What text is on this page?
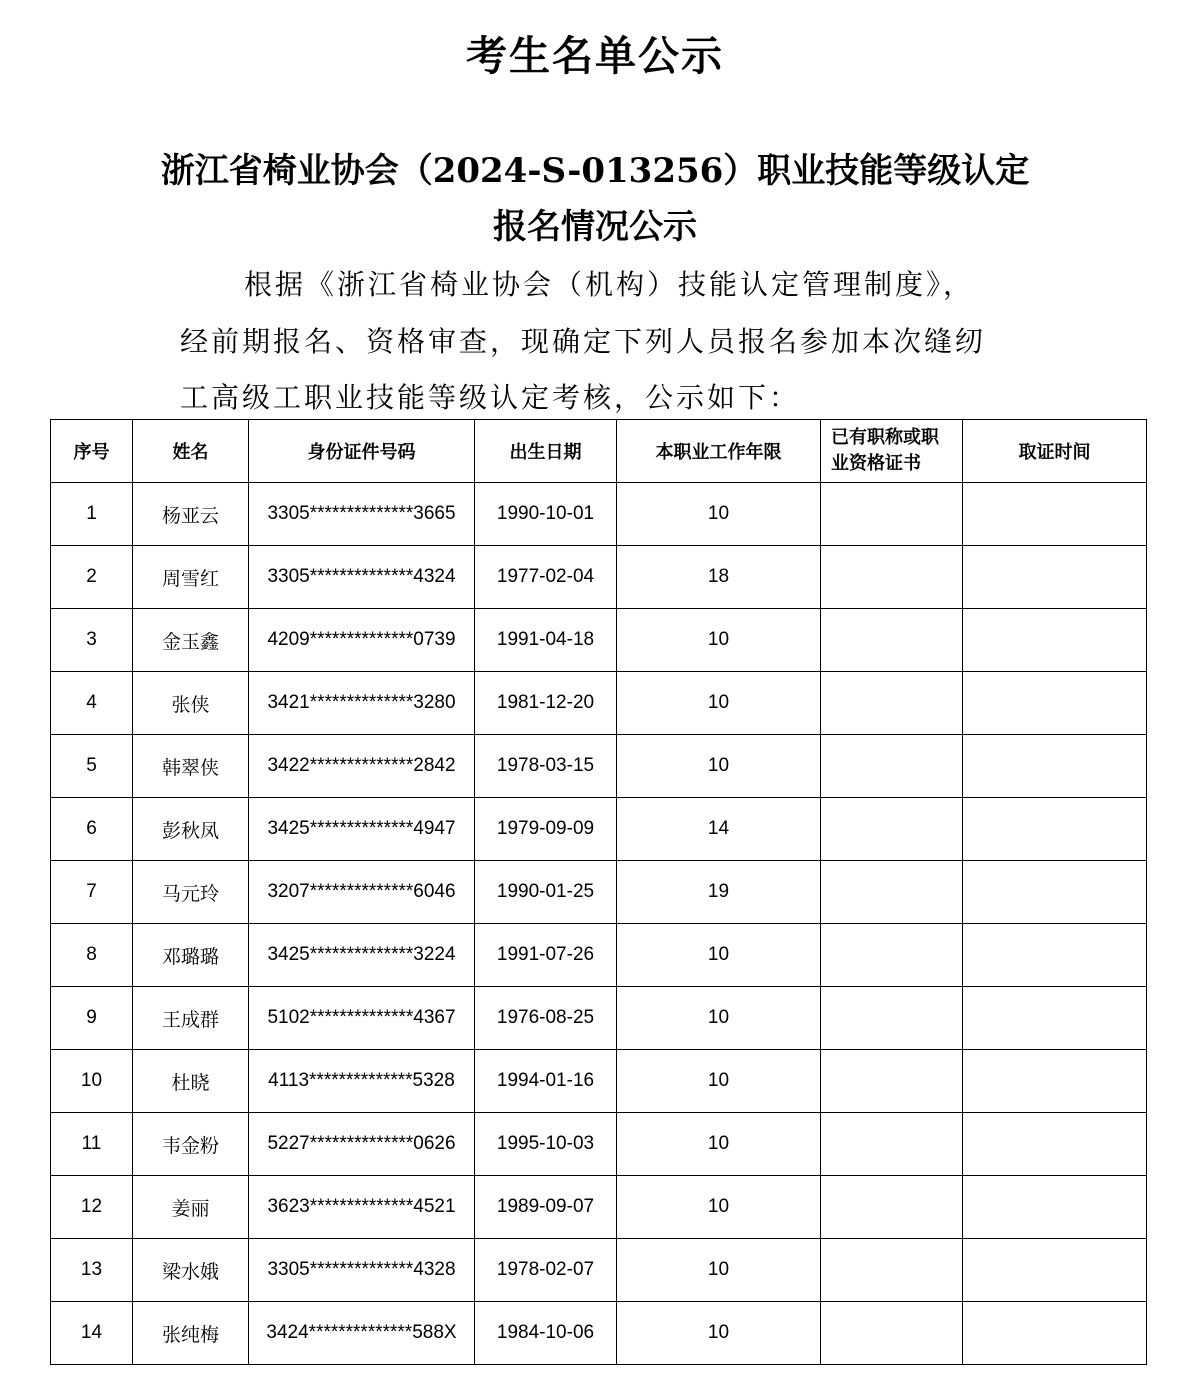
考生名单公示
浙江省椅业协会（2024-S-013256）职业技能等级认定
报名情况公示
根据《浙江省椅业协会（机构）技能认定管理制度》，
经前期报名、资格审查，现确定下列人员报名参加本次缝纫
工高级工职业技能等级认定考核，公示如下：
序号	姓名	身份证件号码	出生日期	本职业工作年限	已有职称或职业资格证书	取证时间
1	杨亚云	3305**************3665	1990-10-01	10		
2	周雪红	3305**************4324	1977-02-04	18		
3	金玉鑫	4209**************0739	1991-04-18	10		
4	张侠	3421**************3280	1981-12-20	10		
5	韩翠侠	3422**************2842	1978-03-15	10		
6	彭秋凤	3425**************4947	1979-09-09	14		
7	马元玲	3207**************6046	1990-01-25	19		
8	邓璐璐	3425**************3224	1991-07-26	10		
9	王成群	5102**************4367	1976-08-25	10		
10	杜晓	4113**************5328	1994-01-16	10		
11	韦金粉	5227**************0626	1995-10-03	10		
12	姜丽	3623**************4521	1989-09-07	10		
13	梁水娥	3305**************4328	1978-02-07	10		
14	张纯梅	3424**************588X	1984-10-06	10		
